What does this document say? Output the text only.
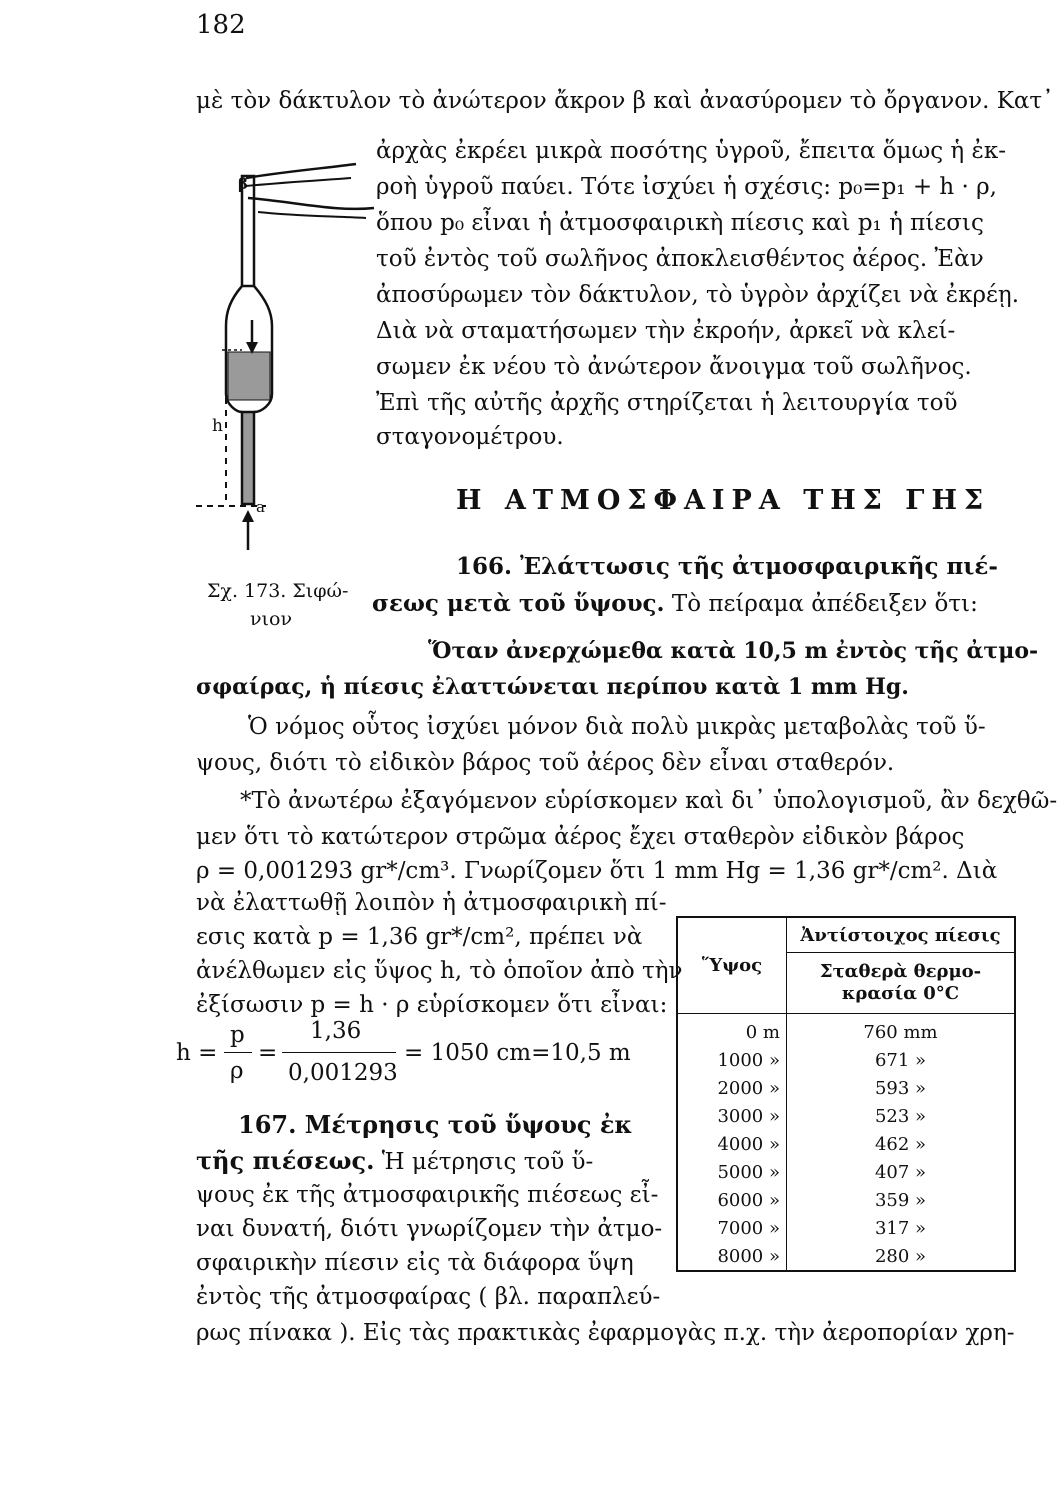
182
μὲ τὸν δάκτυλον τὸ ἀνώτερον ἄκρον β καὶ ἀνασύρομεν τὸ ὄργανον. Κατ᾽
ἀρχὰς ἐκρέει μικρὰ ποσότης ὑγροῦ, ἔπειτα ὅμως ἡ ἐκ-
ροὴ ὑγροῦ παύει. Τότε ἰσχύει ἡ σχέσις: p₀=p₁ + h · ρ,
ὅπου p₀ εἶναι ἡ ἀτμοσφαιρικὴ πίεσις καὶ p₁ ἡ πίεσις
τοῦ ἐντὸς τοῦ σωλῆνος ἀποκλεισθέντος ἀέρος. Ἐὰν
ἀποσύρωμεν τὸν δάκτυλον, τὸ ὑγρὸν ἀρχίζει νὰ ἐκρέῃ.
Διὰ νὰ σταματήσωμεν τὴν ἐκροήν, ἀρκεῖ νὰ κλεί-
σωμεν ἐκ νέου τὸ ἀνώτερον ἄνοιγμα τοῦ σωλῆνος.
Ἐπὶ τῆς αὐτῆς ἀρχῆς στηρίζεται ἡ λειτουργία τοῦ
σταγονομέτρου.
β
h
a
Σχ. 173. Σιφώ-
νιον
Η ΑΤΜΟΣΦΑΙΡΑ ΤΗΣ ΓΗΣ
166. Ἐλάττωσις τῆς ἀτμοσφαιρικῆς πιέ-
σεως μετὰ τοῦ ὕψους. Τὸ πείραμα ἀπέδειξεν ὅτι:
Ὅταν ἀνερχώμεθα κατὰ 10,5 m ἐντὸς τῆς ἀτμο-
σφαίρας, ἡ πίεσις ἐλαττώνεται περίπου κατὰ 1 mm Hg.
Ὁ νόμος οὗτος ἰσχύει μόνον διὰ πολὺ μικρὰς μεταβολὰς τοῦ ὕ-
ψους, διότι τὸ εἰδικὸν βάρος τοῦ ἀέρος δὲν εἶναι σταθερόν.
*Τὸ ἀνωτέρω ἐξαγόμενον εὑρίσκομεν καὶ δι᾽ ὑπολογισμοῦ, ἂν δεχθῶ-
μεν ὅτι τὸ κατώτερον στρῶμα ἀέρος ἔχει σταθερὸν εἰδικὸν βάρος
ρ = 0,001293 gr*/cm³. Γνωρίζομεν ὅτι 1 mm Hg = 1,36 gr*/cm². Διὰ
νὰ ἐλαττωθῇ λοιπὸν ἡ ἀτμοσφαιρικὴ πί-
εσις κατὰ p = 1,36 gr*/cm², πρέπει νὰ
ἀνέλθωμεν εἰς ὕψος h, τὸ ὁποῖον ἀπὸ τὴν
ἐξίσωσιν p = h · ρ εὑρίσκομεν ὅτι εἶναι:
h =
p
ρ
=
1,36
0,001293
= 1050 cm=10,5 m
167. Μέτρησις τοῦ ὕψους ἐκ
τῆς πιέσεως. Ἡ μέτρησις τοῦ ὕ-
ψους ἐκ τῆς ἀτμοσφαιρικῆς πιέσεως εἶ-
ναι δυνατή, διότι γνωρίζομεν τὴν ἀτμο-
σφαιρικὴν πίεσιν εἰς τὰ διάφορα ὕψη
ἐντὸς τῆς ἀτμοσφαίρας ( βλ. παραπλεύ-
ρως πίνακα ). Εἰς τὰς πρακτικὰς ἐφαρμογὰς π.χ. τὴν ἀεροπορίαν χρη-
Ὕψος	Ἀντίστοιχος πίεσις
	Σταθερὰ θερμο-
κρασία 0°C
0 m	760 mm
1000 »	671 »
2000 »	593 »
3000 »	523 »
4000 »	462 »
5000 »	407 »
6000 »	359 »
7000 »	317 »
8000 »	280 »
